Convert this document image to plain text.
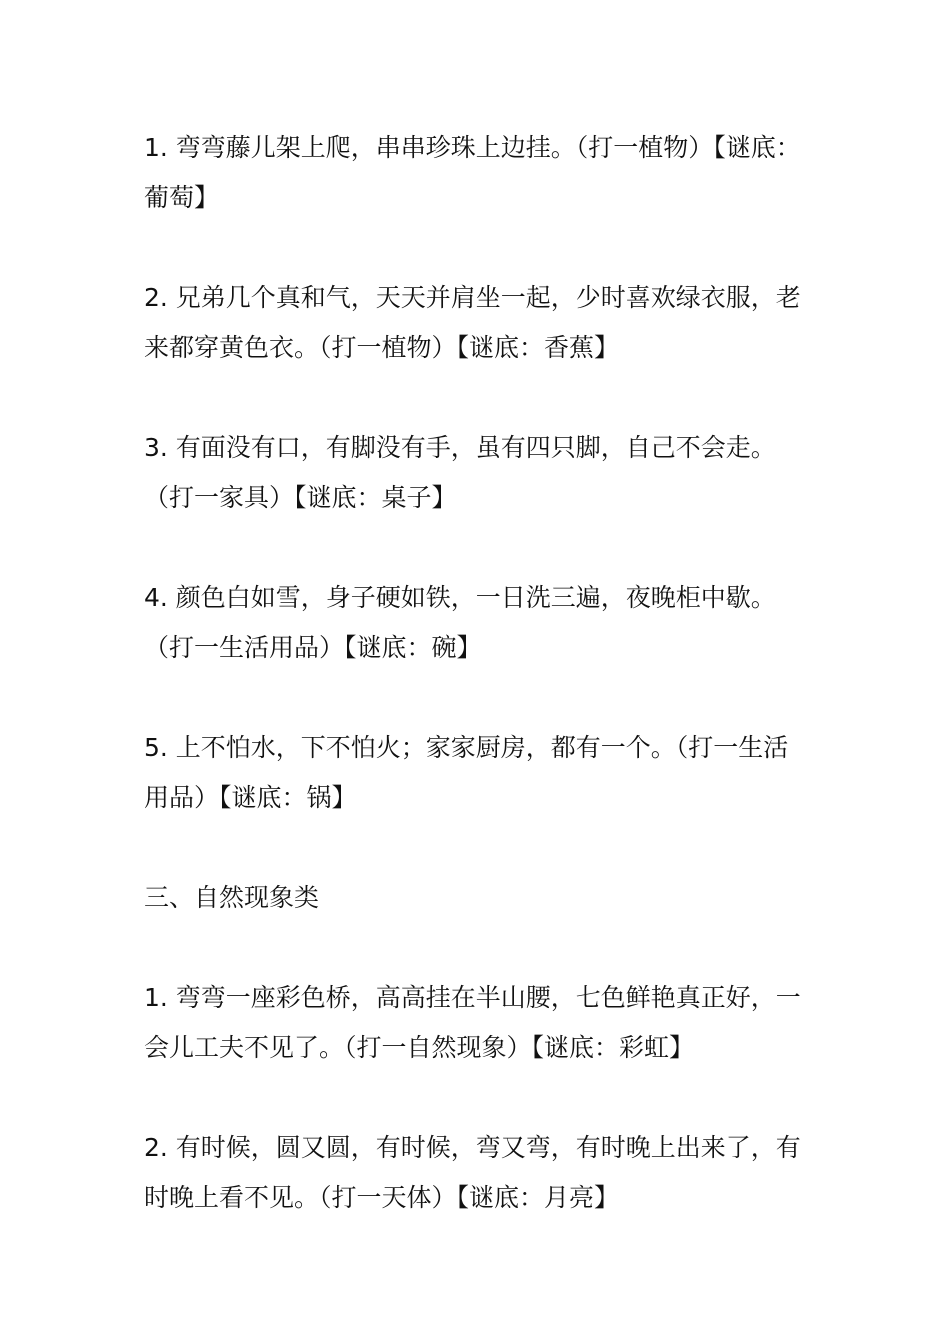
1. 弯弯藤儿架上爬，串串珍珠上边挂。（打一植物）【谜底：葡萄】

2. 兄弟几个真和气，天天并肩坐一起，少时喜欢绿衣服，老来都穿黄色衣。（打一植物）【谜底：香蕉】

3. 有面没有口，有脚没有手，虽有四只脚，自己不会走。（打一家具）【谜底：桌子】

4. 颜色白如雪，身子硬如铁，一日洗三遍，夜晚柜中歇。（打一生活用品）【谜底：碗】

5. 上不怕水，下不怕火；家家厨房，都有一个。（打一生活用品）【谜底：锅】

三、自然现象类

1. 弯弯一座彩色桥，高高挂在半山腰，七色鲜艳真正好，一会儿工夫不见了。（打一自然现象）【谜底：彩虹】

2. 有时候，圆又圆，有时候，弯又弯，有时晚上出来了，有时晚上看不见。（打一天体）【谜底：月亮】
